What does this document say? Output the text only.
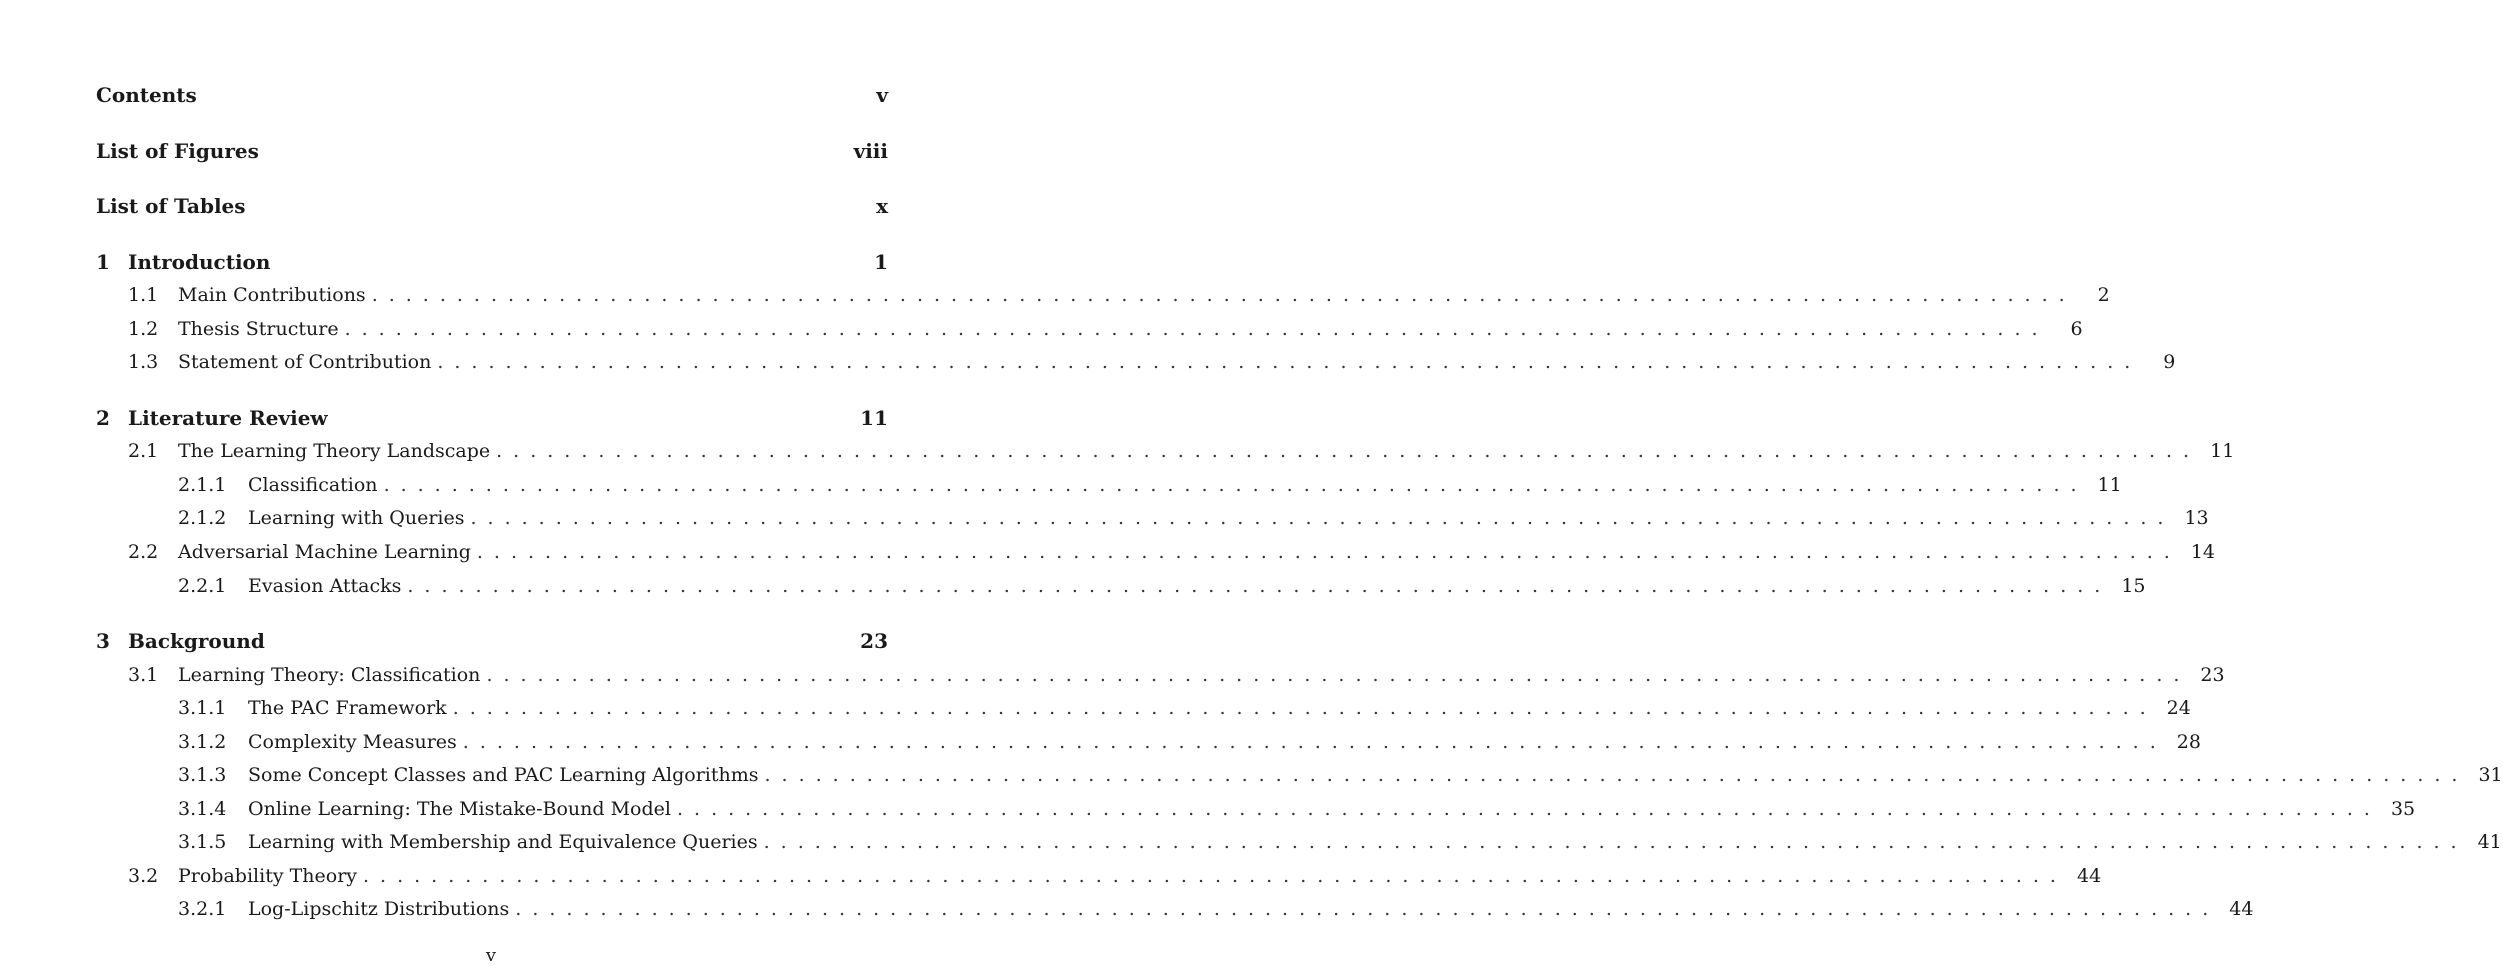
Contents	v
List of Figures	viii
List of Tables	x
1 Introduction	1
1.1	Main Contributions ....................................................................................................	2
1.2	Thesis Structure ....................................................................................................	6
1.3	Statement of Contribution ....................................................................................................	9
2 Literature Review	11
2.1	The Learning Theory Landscape .................................................................................................... 11
2.1.1	Classification .................................................................................................... 11
2.1.2	Learning with Queries .................................................................................................... 13
2.2	Adversarial Machine Learning .................................................................................................... 14
2.2.1	Evasion Attacks .................................................................................................... 15
3 Background	23
3.1	Learning Theory: Classification .................................................................................................... 23
3.1.1	The PAC Framework .................................................................................................... 24
3.1.2	Complexity Measures .................................................................................................... 28
3.1.3	Some Concept Classes and PAC Learning Algorithms .................................................................................................... 31
3.1.4	Online Learning: The Mistake-Bound Model .................................................................................................... 35
3.1.5	Learning with Membership and Equivalence Queries .................................................................................................... 41
3.2	Probability Theory .................................................................................................... 44
3.2.1	Log-Lipschitz Distributions .................................................................................................... 44
v
